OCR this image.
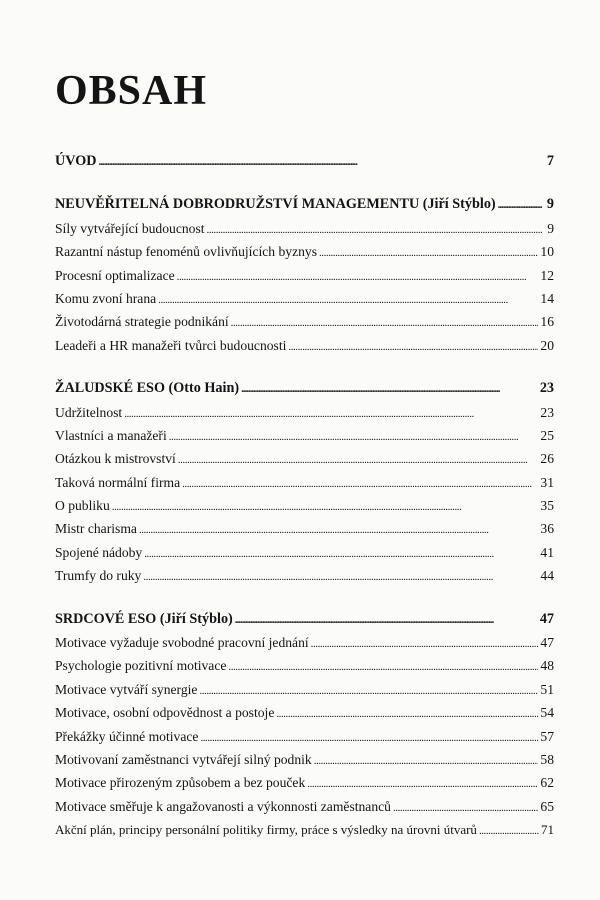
OBSAH
ÚVOD . . .	7
NEUVĚŘITELNÁ DOBRODRUŽSTVÍ MANAGEMENTU (Jiří Stýblo) . . .	9
Síly vytvářející budoucnost . . .	9
Razantní nástup fenoménů ovlivňujících byznys . . .	10
Procesní optimalizace . . .	12
Komu zvoní hrana . . .	14
Životodárná strategie podnikání . . .	16
Leadeři a HR manažeři tvůrci budoucnosti . . .	20
ŽALUDSKÉ ESO (Otto Hain) . . .	23
Udržitelnost . . .	23
Vlastníci a manažeři . . .	25
Otázkou k mistrovství . . .	26
Taková normální firma . . .	31
O publiku . . .	35
Mistr charisma . . .	36
Spojené nádoby . . .	41
Trumfy do ruky . . .	44
SRDCOVÉ ESO (Jiří Stýblo) . . .	47
Motivace vyžaduje svobodné pracovní jednání . . .	47
Psychologie pozitivní motivace . . .	48
Motivace vytváří synergie . . .	51
Motivace, osobní odpovědnost a postoje . . .	54
Překážky účinné motivace . . .	57
Motivovaní zaměstnanci vytvářejí silný podnik . . .	58
Motivace přirozeným způsobem a bez pouček . . .	62
Motivace směřuje k angažovanosti a výkonnosti zaměstnanců . . .	65
Akční plán, principy personální politiky firmy, práce s výsledky na úrovni útvarů . . .	71
